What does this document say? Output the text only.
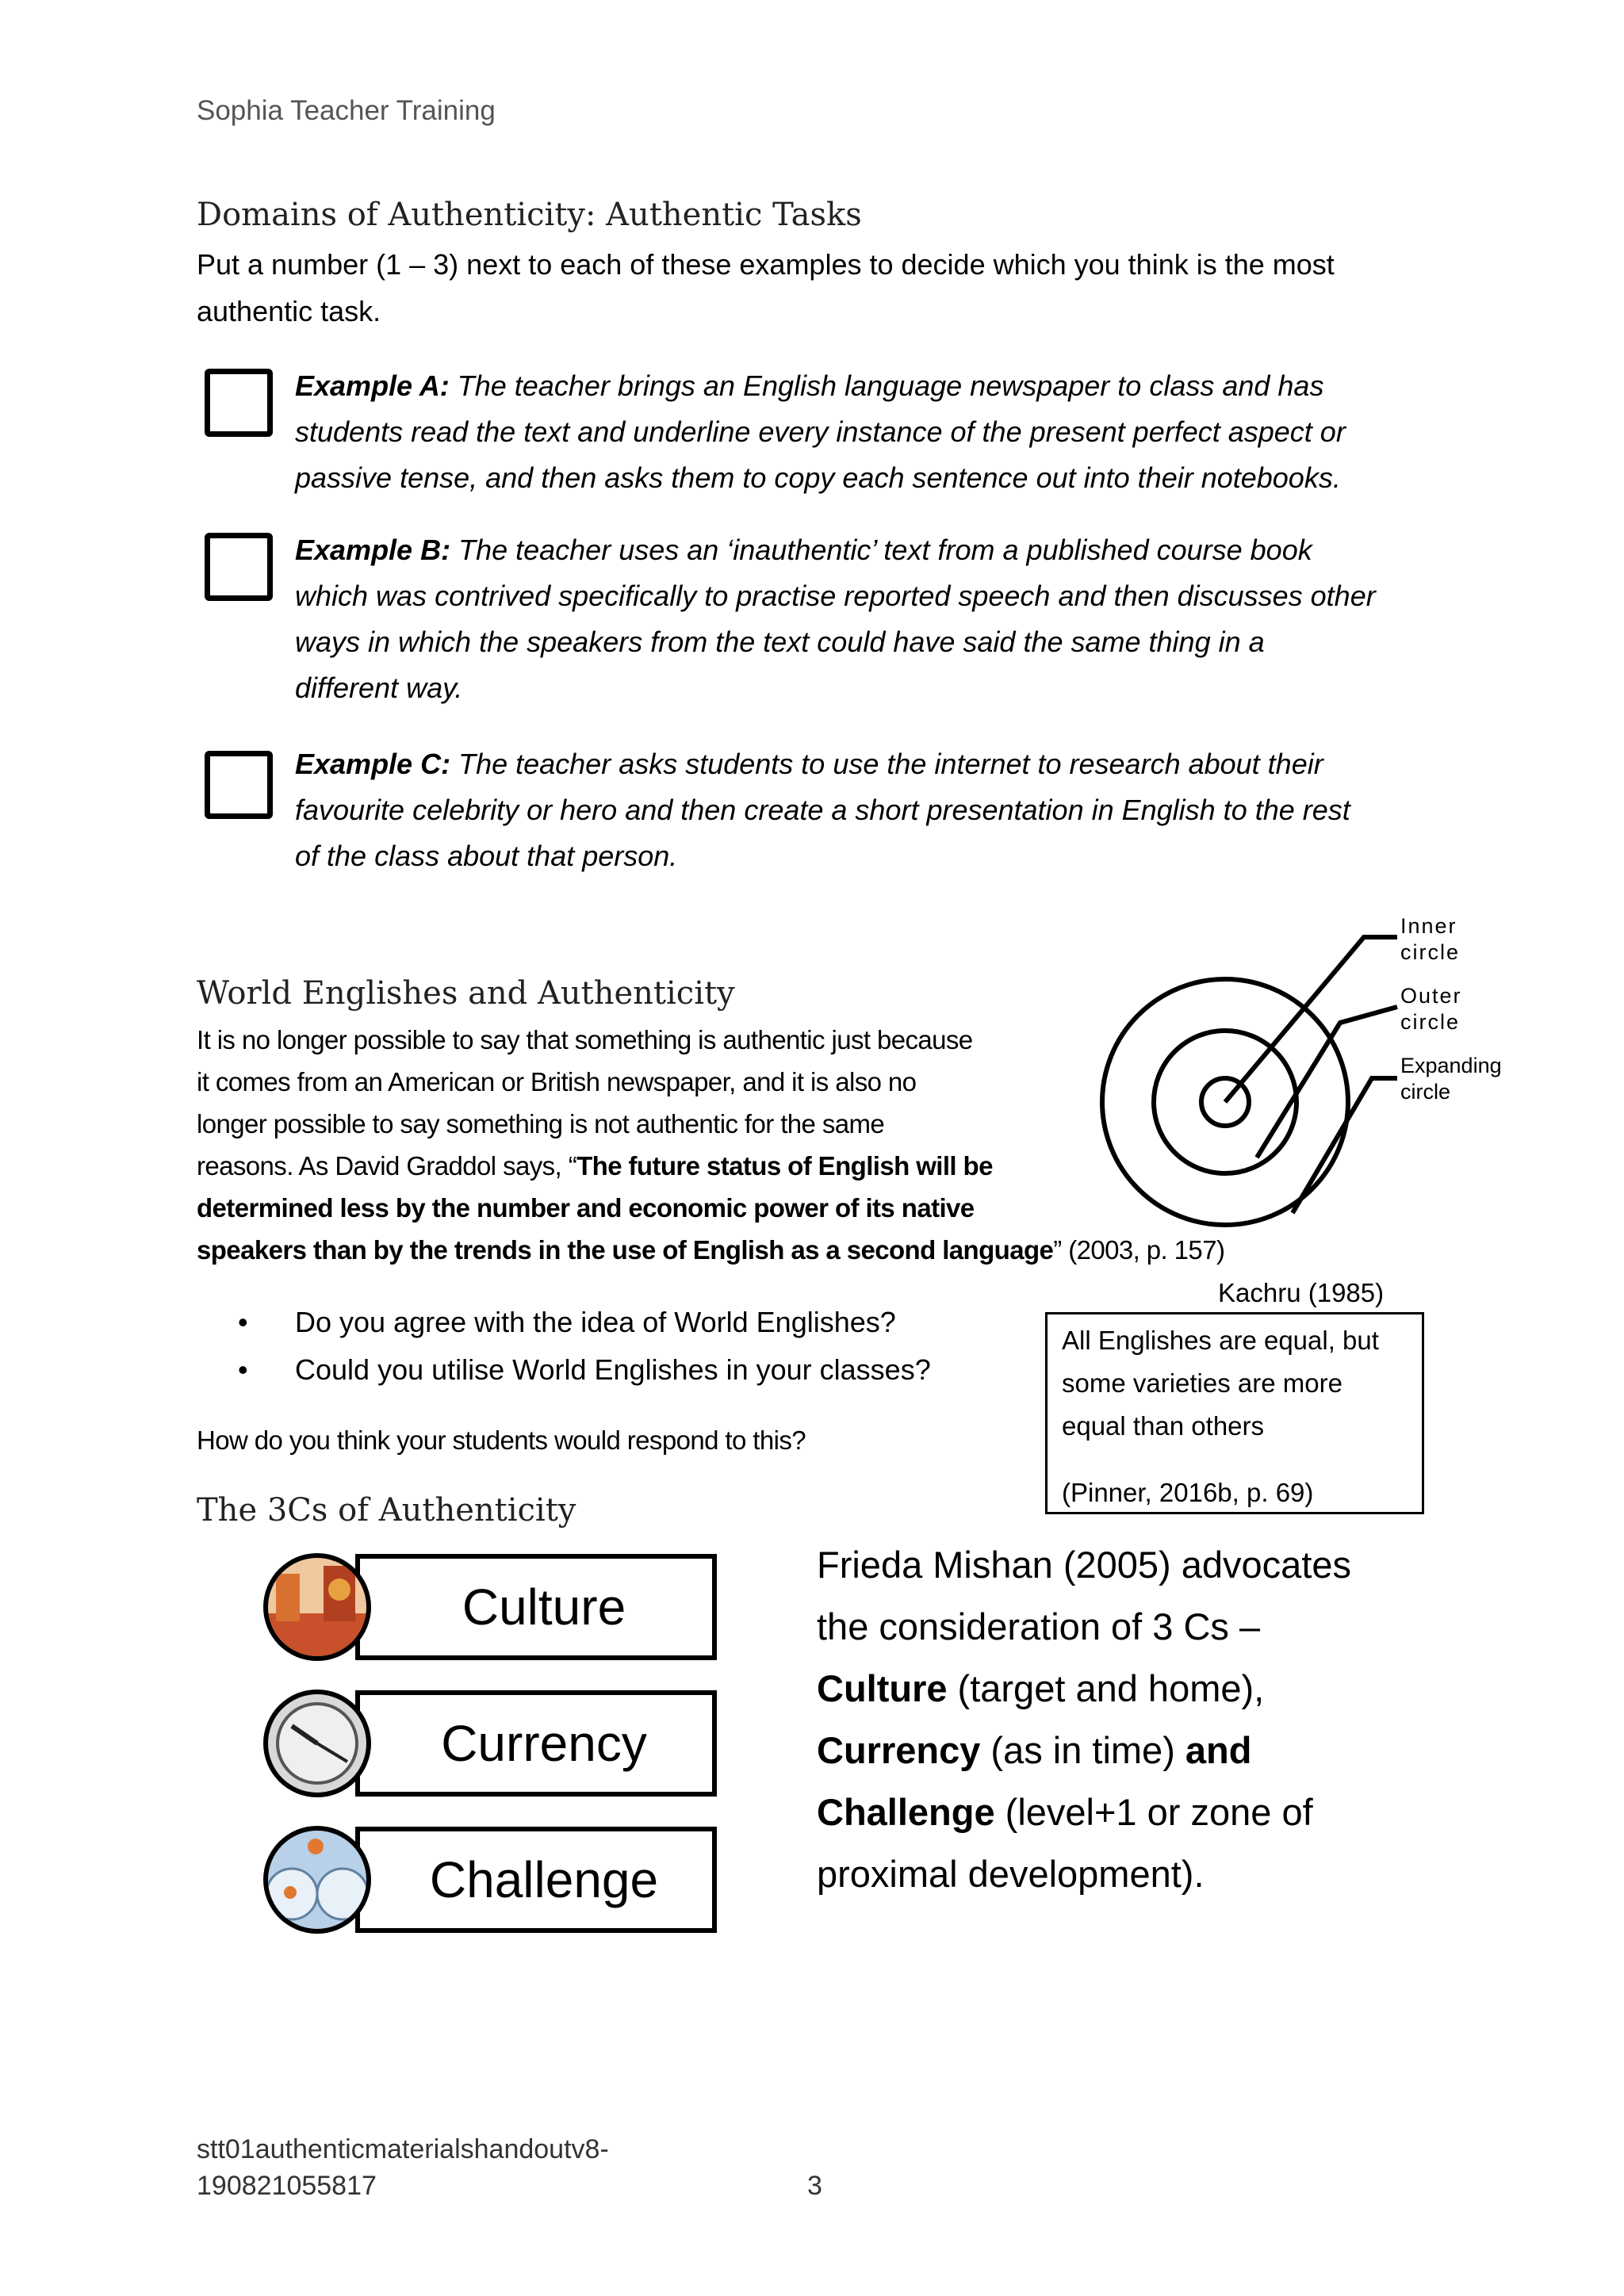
Sophia Teacher Training
Domains of Authenticity: Authentic Tasks
Put a number (1 – 3) next to each of these examples to decide which you think is the most
authentic task.
Example A: The teacher brings an English language newspaper to class and has
students read the text and underline every instance of the present perfect aspect or
passive tense, and then asks them to copy each sentence out into their notebooks.
Example B: The teacher uses an ‘inauthentic’ text from a published course book
which was contrived specifically to practise reported speech and then discusses other
ways in which the speakers from the text could have said the same thing in a
different way.
Example C: The teacher asks students to use the internet to research about their
favourite celebrity or hero and then create a short presentation in English to the rest
of the class about that person.
World Englishes and Authenticity
It is no longer possible to say that something is authentic just because
it comes from an American or British newspaper, and it is also no
longer possible to say something is not authentic for the same
reasons. As David Graddol says, “The future status of English will be
determined less by the number and economic power of its native
speakers than by the trends in the use of English as a second language” (2003, p. 157)
Inner
circle
Outer
circle
Expanding
circle
Kachru (1985)
• Do you agree with the idea of World Englishes?
• Could you utilise World Englishes in your classes?
How do you think your students would respond to this?
All Englishes are equal, but
some varieties are more
equal than others
(Pinner, 2016b, p. 69)
The 3Cs of Authenticity
Culture
Currency
Challenge
Frieda Mishan (2005) advocates
the consideration of 3 Cs –
Culture (target and home),
Currency (as in time) and
Challenge (level+1 or zone of
proximal development).
stt01authenticmaterialshandoutv8-
190821055817	3
